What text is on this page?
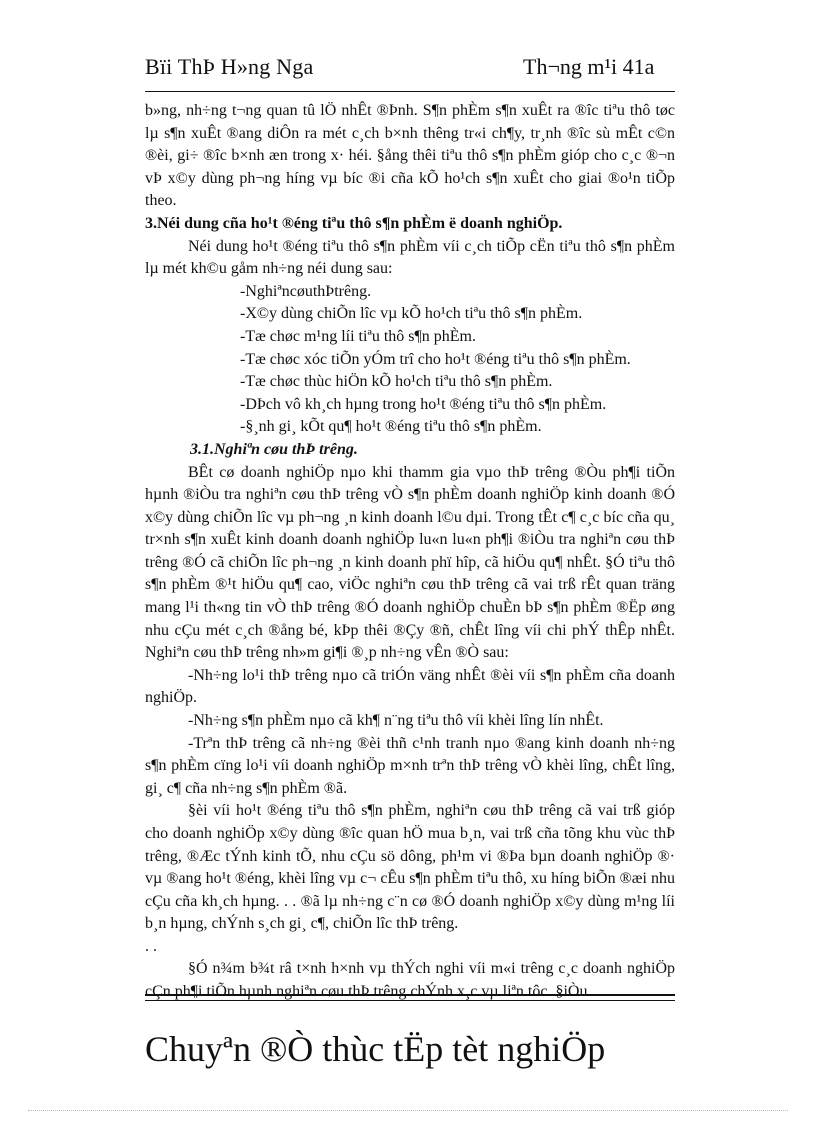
Bïi ThÞ H»ng Nga	Th¬ng m¹i 41a

b»ng, nh÷ng t¬ng quan tû lÖ nhÊt ®Þnh. S¶n phÈm s¶n xuÊt ra ®îc tiªu thô tøc lµ s¶n xuÊt ®ang diÔn ra mét c¸ch b×nh thêng tr«i ch¶y, tr¸nh ®îc sù mÊt c©n ®èi, gi÷ ®îc b×nh æn trong x· héi. §ång thêi tiªu thô s¶n phÈm gióp cho c¸c ®¬n vÞ x©y dùng ph¬ng híng vµ bíc ®i cña kÕ ho¹ch s¶n xuÊt cho giai ®o¹n tiÕp theo.

3.Néi dung cña ho¹t ®éng tiªu thô s¶n phÈm ë doanh nghiÖp.

Néi dung ho¹t ®éng tiªu thô s¶n phÈm víi c¸ch tiÕp cËn tiªu thô s¶n phÈm lµ mét kh©u gåm nh÷ng néi dung sau:

-NghiªncøuthÞtrêng.

-X©y dùng chiÕn lîc vµ kÕ ho¹ch tiªu thô s¶n phÈm.

-Tæ chøc m¹ng líi tiªu thô s¶n phÈm.

-Tæ chøc xóc tiÕn yÓm trî cho ho¹t ®éng tiªu thô s¶n phÈm.

-Tæ chøc thùc hiÖn kÕ ho¹ch tiªu thô s¶n phÈm.

-DÞch vô kh¸ch hµng trong ho¹t ®éng tiªu thô s¶n phÈm.

-§¸nh gi¸ kÕt qu¶ ho¹t ®éng tiªu thô s¶n phÈm.

3.1.Nghiªn cøu thÞ trêng.

BÊt cø doanh nghiÖp nµo khi thamm gia vµo thÞ trêng ®Òu ph¶i tiÕn hµnh ®iÒu tra nghiªn cøu thÞ trêng vÒ s¶n phÈm doanh nghiÖp kinh doanh ®Ó x©y dùng chiÕn lîc vµ ph¬ng ¸n kinh doanh l©u dµi. Trong tÊt c¶ c¸c bíc cña qu¸ tr×nh s¶n xuÊt kinh doanh doanh nghiÖp lu«n lu«n ph¶i ®iÒu tra nghiªn cøu thÞ trêng ®Ó cã chiÕn lîc ph¬ng ¸n kinh doanh phï hîp, cã hiÖu qu¶ nhÊt. §Ó tiªu thô s¶n phÈm ®¹t hiÖu qu¶ cao, viÖc nghiªn cøu thÞ trêng cã vai trß rÊt quan träng mang l¹i th«ng tin vÒ thÞ trêng ®Ó doanh nghiÖp chuÈn bÞ s¶n phÈm ®Ëp øng nhu cÇu mét c¸ch ®ång bé, kÞp thêi ®Çy ®ñ, chÊt lîng víi chi phÝ thÊp nhÊt. Nghiªn cøu thÞ trêng nh»m gi¶i ®¸p nh÷ng vÊn ®Ò sau:

-Nh÷ng lo¹i thÞ trêng nµo cã triÓn väng nhÊt ®èi víi s¶n phÈm cña doanh nghiÖp.

-Nh÷ng s¶n phÈm nµo cã kh¶ n¨ng tiªu thô víi khèi lîng lín nhÊt.

-Trªn thÞ trêng cã nh÷ng ®èi thñ c¹nh tranh nµo ®ang kinh doanh nh÷ng s¶n phÈm cïng lo¹i víi doanh nghiÖp m×nh trªn thÞ trêng vÒ khèi lîng, chÊt lîng, gi¸ c¶ cña nh÷ng s¶n phÈm ®ã.

§èi víi ho¹t ®éng tiªu thô s¶n phÈm, nghiªn cøu thÞ trêng cã vai trß gióp cho doanh nghiÖp x©y dùng ®îc quan hÖ mua b¸n, vai trß cña tõng khu vùc thÞ trêng, ®Æc tÝnh kinh tÕ, nhu cÇu sö dông, ph¹m vi ®Þa bµn doanh nghiÖp ®· vµ ®ang ho¹t ®éng, khèi lîng vµ c¬ cÊu s¶n phÈm tiªu thô, xu híng biÕn ®æi nhu cÇu cña kh¸ch hµng. . . ®ã lµ nh÷ng c¨n cø ®Ó doanh nghiÖp x©y dùng m¹ng líi b¸n hµng, chÝnh s¸ch gi¸ c¶, chiÕn lîc thÞ trêng.

. .

§Ó n¾m b¾t râ t×nh h×nh vµ thÝch nghi víi m«i trêng c¸c doanh nghiÖp cÇn ph¶i tiÕn hµnh nghiªn cøu thÞ trêng chÝnh x¸c vµ liªn tôc. §iÒu

Chuyªn ®Ò thùc tËp tèt nghiÖp
